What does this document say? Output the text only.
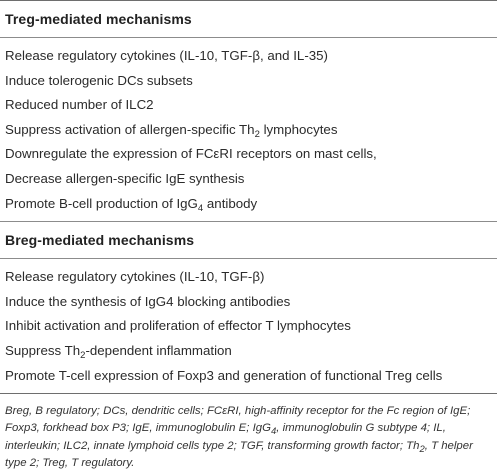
Treg-mediated mechanisms
Release regulatory cytokines (IL-10, TGF-β, and IL-35)
Induce tolerogenic DCs subsets
Reduced number of ILC2
Suppress activation of allergen-specific $Th_2$ lymphocytes
Downregulate the expression of FCεRI receptors on mast cells,
Decrease allergen-specific IgE synthesis
Promote B-cell production of IgG$_4$ antibody
Breg-mediated mechanisms
Release regulatory cytokines (IL-10, TGF-β)
Induce the synthesis of IgG4 blocking antibodies
Inhibit activation and proliferation of effector T lymphocytes
Suppress $Th_2$-dependent inflammation
Promote T-cell expression of Foxp3 and generation of functional Treg cells
Breg, B regulatory; DCs, dendritic cells; FCεRI, high-affinity receptor for the Fc region of IgE; Foxp3, forkhead box P3; IgE, immunoglobulin E; IgG$_4$, immunoglobulin G subtype 4; IL, interleukin; ILC2, innate lymphoid cells type 2; TGF, transforming growth factor; $Th_2$, T helper type 2; Treg, T regulatory.
